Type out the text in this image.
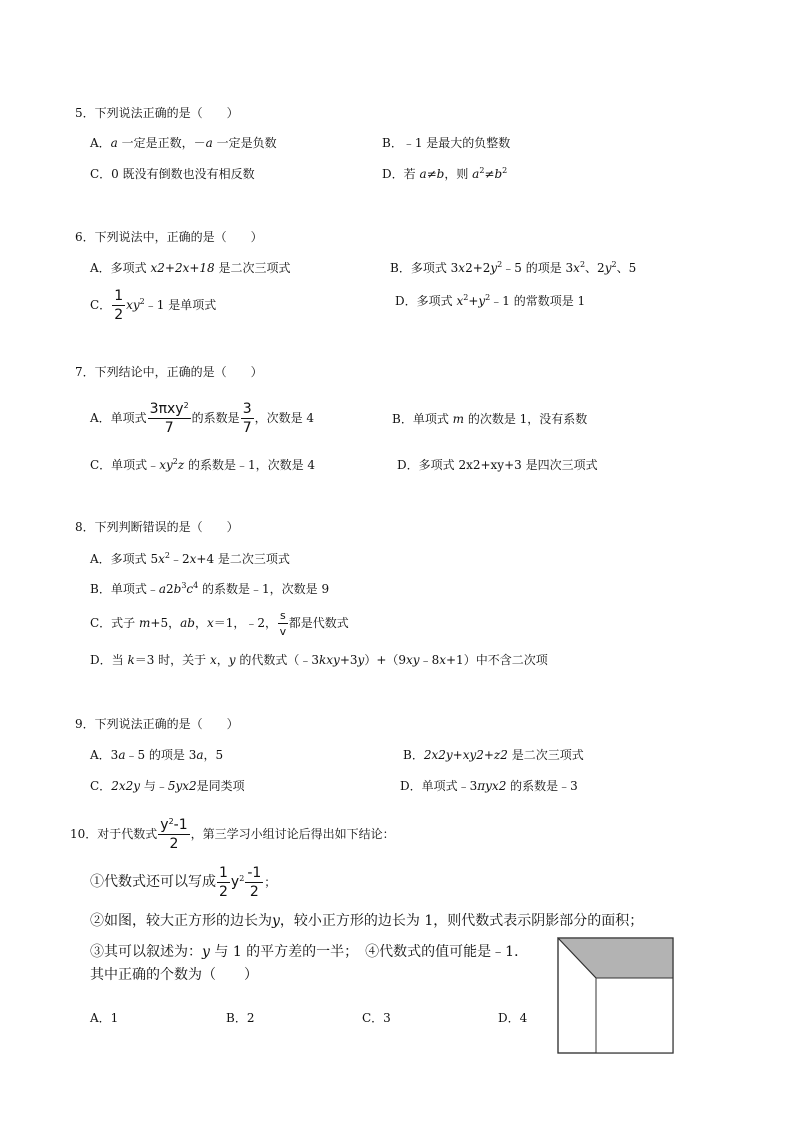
5．下列说法正确的是（　　）
A．a 一定是正数，－a 一定是负数	B．﹣1 是最大的负整数
C．0 既没有倒数也没有相反数	D．若 a≠b，则 $a^2\ne b^2$
6．下列说法中，正确的是（　　）
A．多项式 x2+2x+18 是二次三项式	B．多项式 $3x2+2y^2﹣5$ 的项是 $3x^2$、$2y^2$、5
C． $\frac{1}{2}$ $xy^2﹣1$ 是单项式	D．多项式 $x^2+y^2﹣1$ 的常数项是 1
7．下列结论中，正确的是（　　）
A．单项式 $\frac{3\pi xy^2}{7}$ 的系数是 $\frac{3}{7}$ ，次数是 4	B．单项式 m 的次数是 1，没有系数
C．单项式$﹣xy^2z$ 的系数是﹣1，次数是 4	D．多项式 2x2+xy+3 是四次三项式
8．下列判断错误的是（　　）
A．多项式 $5x^2﹣2x+4$ 是二次三项式
B．单项式$﹣a2b^3c^4$ 的系数是﹣1，次数是 9
C．式子 m+5，ab，x＝1，﹣2， $\frac{s}{v}$ 都是代数式
D．当 k＝3 时，关于 x，y 的代数式（﹣3kxy+3y）+（9xy﹣8x+1）中不含二次项
9．下列说法正确的是（　　）
A．3a﹣5 的项是 3a，5	B．2x2y+xy2+z2 是二次三项式
C．2x2y 与﹣5yx2是同类项	D．单项式﹣3πyx2 的系数是﹣3
10．对于代数式 $\frac{y^2-1}{2}$ ，第三学习小组讨论后得出如下结论：
①代数式还可以写成 $\frac{1}{2} y^2 \frac{-1}{2}$ ；
②如图，较大正方形的边长为y，较小正方形的边长为 1，则代数式表示阴影部分的面积；
③其可以叙述为：y 与 1 的平方差的一半；　④代数式的值可能是﹣1．
其中正确的个数为（　　）
A．1	B．2	C．3	D．4
